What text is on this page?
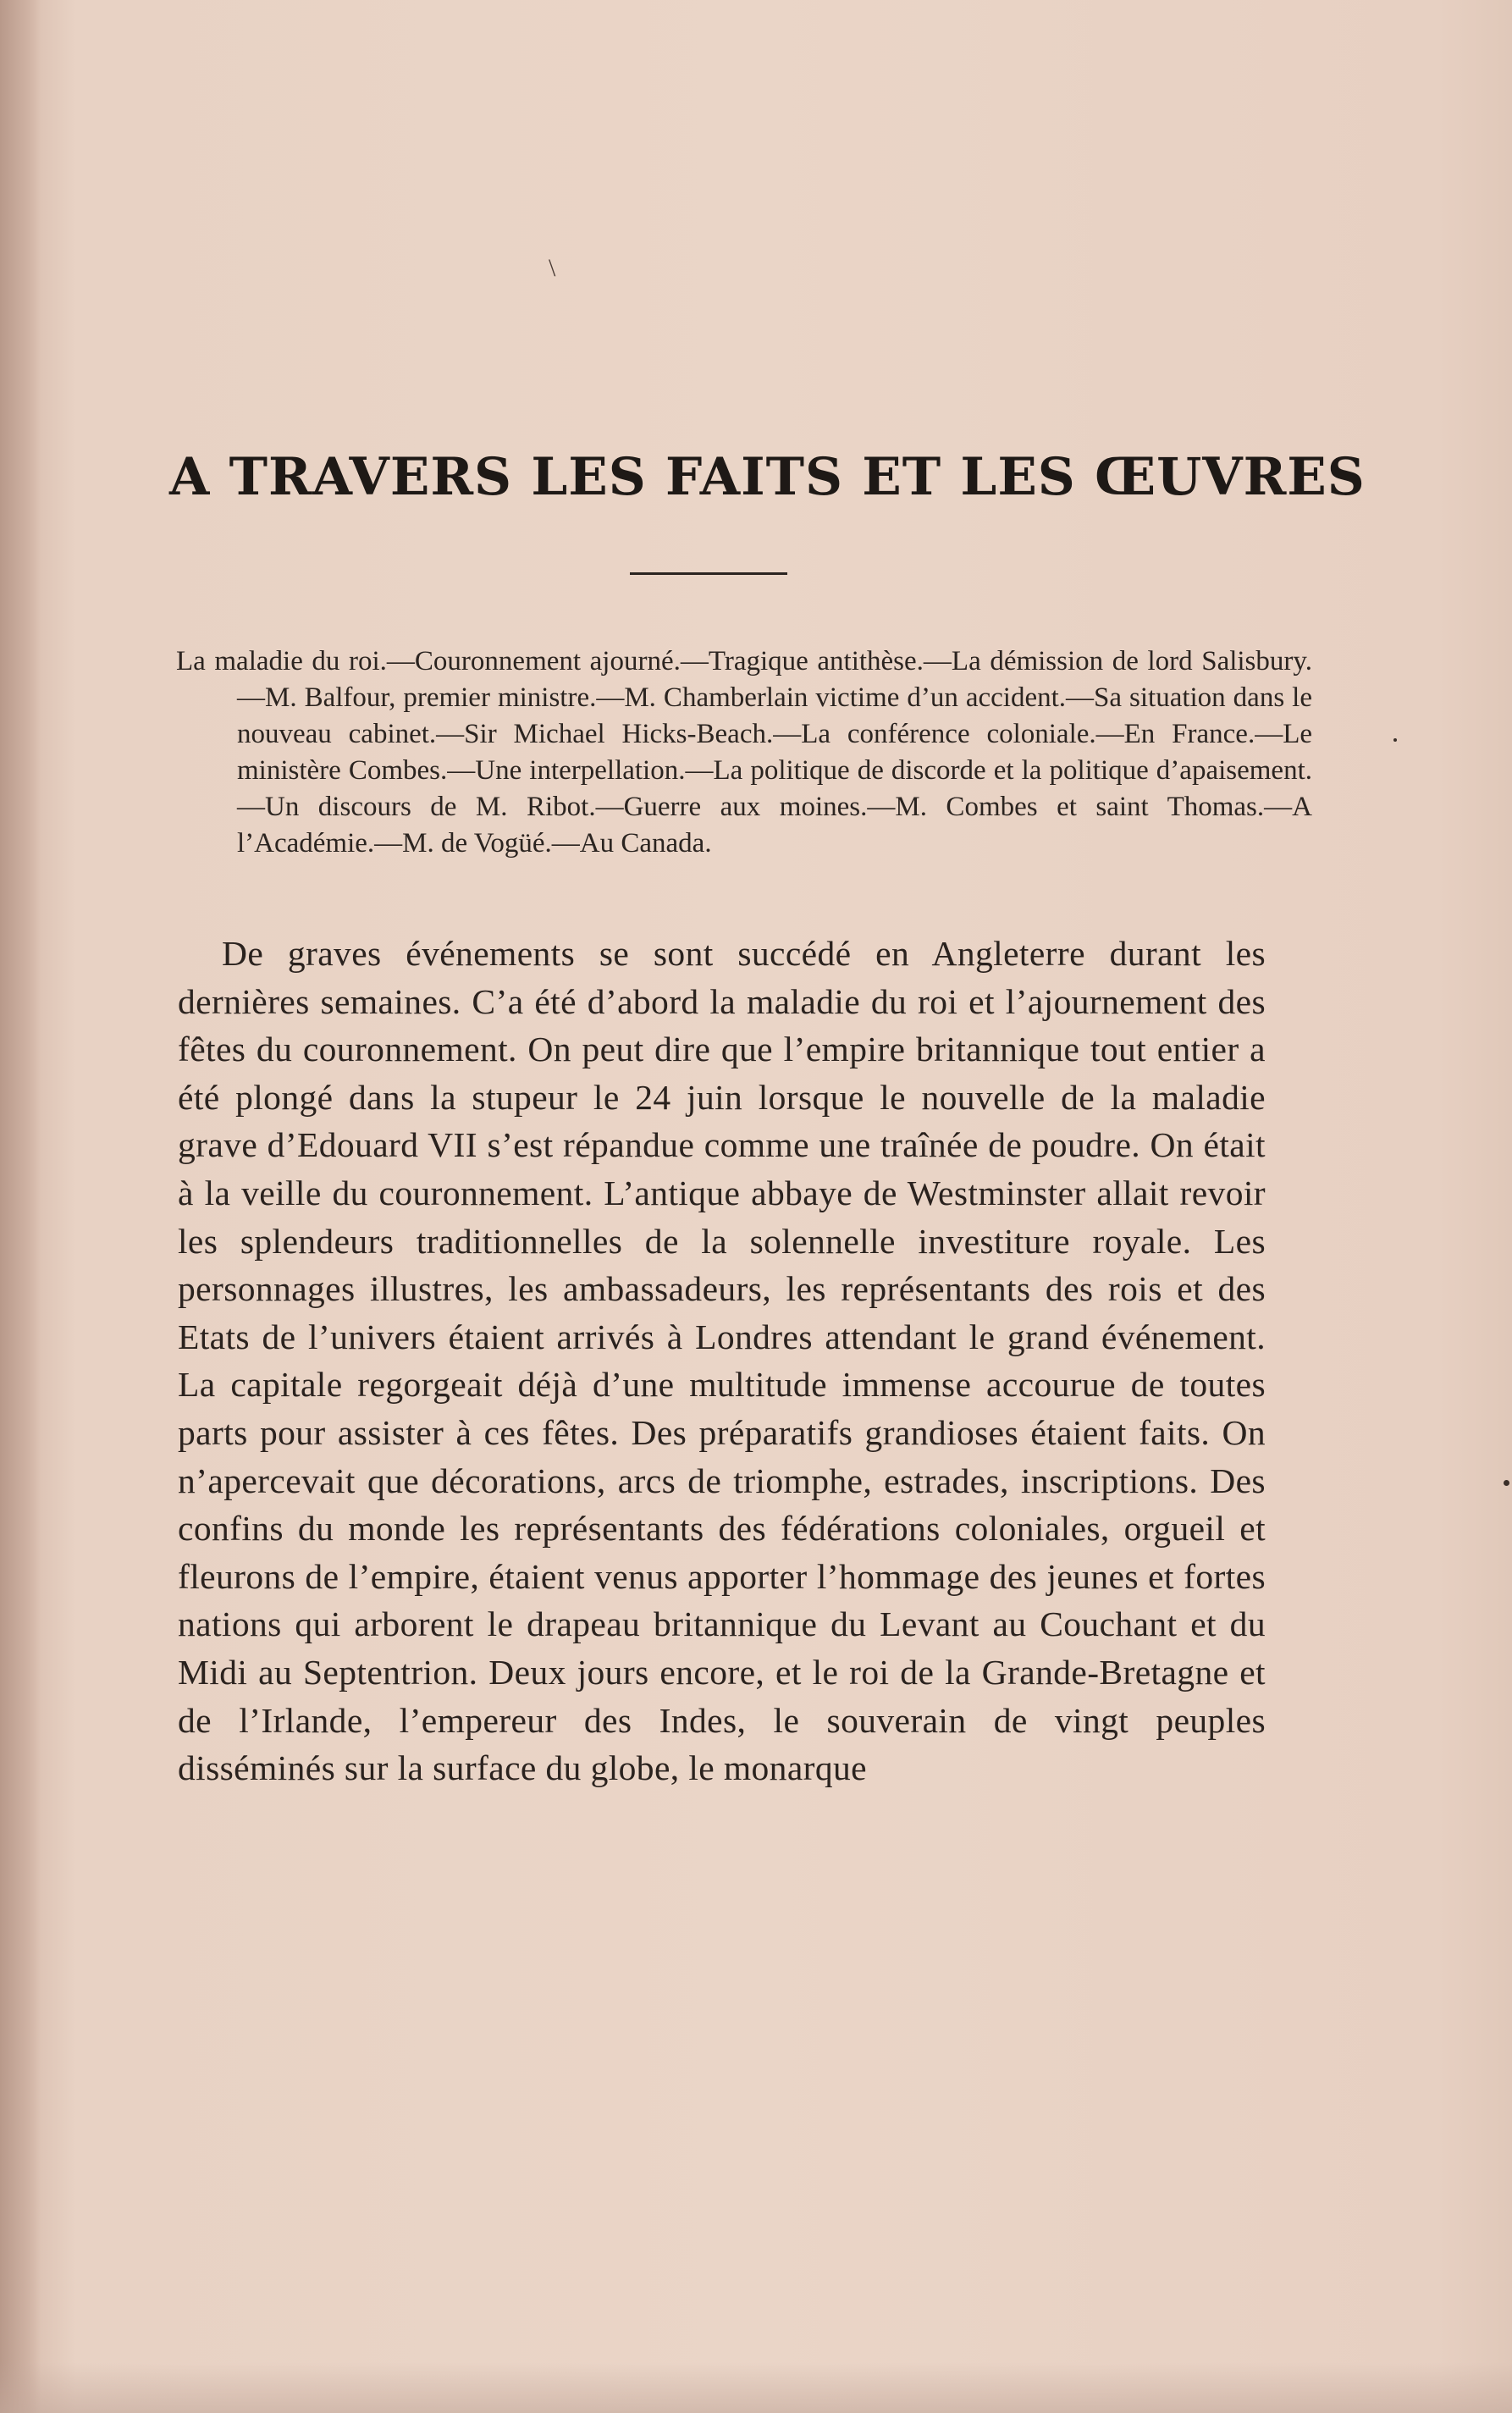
\
A TRAVERS LES FAITS ET LES ŒUVRES

La maladie du roi.—Couronnement ajourné.—Tragique antithèse.—La démission de lord Salisbury.—M. Balfour, premier ministre.—M. Chamberlain victime d’un accident.—Sa situation dans le nouveau cabinet.—Sir Michael Hicks-Beach.—La conférence coloniale.—En France.—Le ministère Combes.—Une interpellation.—La politique de discorde et la politique d’apaisement.—Un discours de M. Ribot.—Guerre aux moines.—M. Combes et saint Thomas.—A l’Académie.—M. de Vogüé.—Au Canada.

De graves événements se sont succédé en Angleterre durant les dernières semaines. C’a été d’abord la maladie du roi et l’ajournement des fêtes du couronnement. On peut dire que l’empire britannique tout entier a été plongé dans la stupeur le 24 juin lorsque le nouvelle de la maladie grave d’Edouard VII s’est répandue comme une traînée de poudre. On était à la veille du couronnement. L’antique abbaye de Westminster allait revoir les splendeurs traditionnelles de la solennelle investiture royale. Les personnages illustres, les ambassadeurs, les représentants des rois et des Etats de l’univers étaient arrivés à Londres attendant le grand événement. La capitale regorgeait déjà d’une multitude immense accourue de toutes parts pour assister à ces fêtes. Des préparatifs grandioses étaient faits. On n’apercevait que décorations, arcs de triomphe, estrades, inscriptions. Des confins du monde les représentants des fédérations coloniales, orgueil et fleurons de l’empire, étaient venus apporter l’hommage des jeunes et fortes nations qui arborent le drapeau britannique du Levant au Couchant et du Midi au Septentrion. Deux jours encore, et le roi de la Grande-Bretagne et de l’Irlande, l’empereur des Indes, le souverain de vingt peuples disséminés sur la surface du globe, le monarque
